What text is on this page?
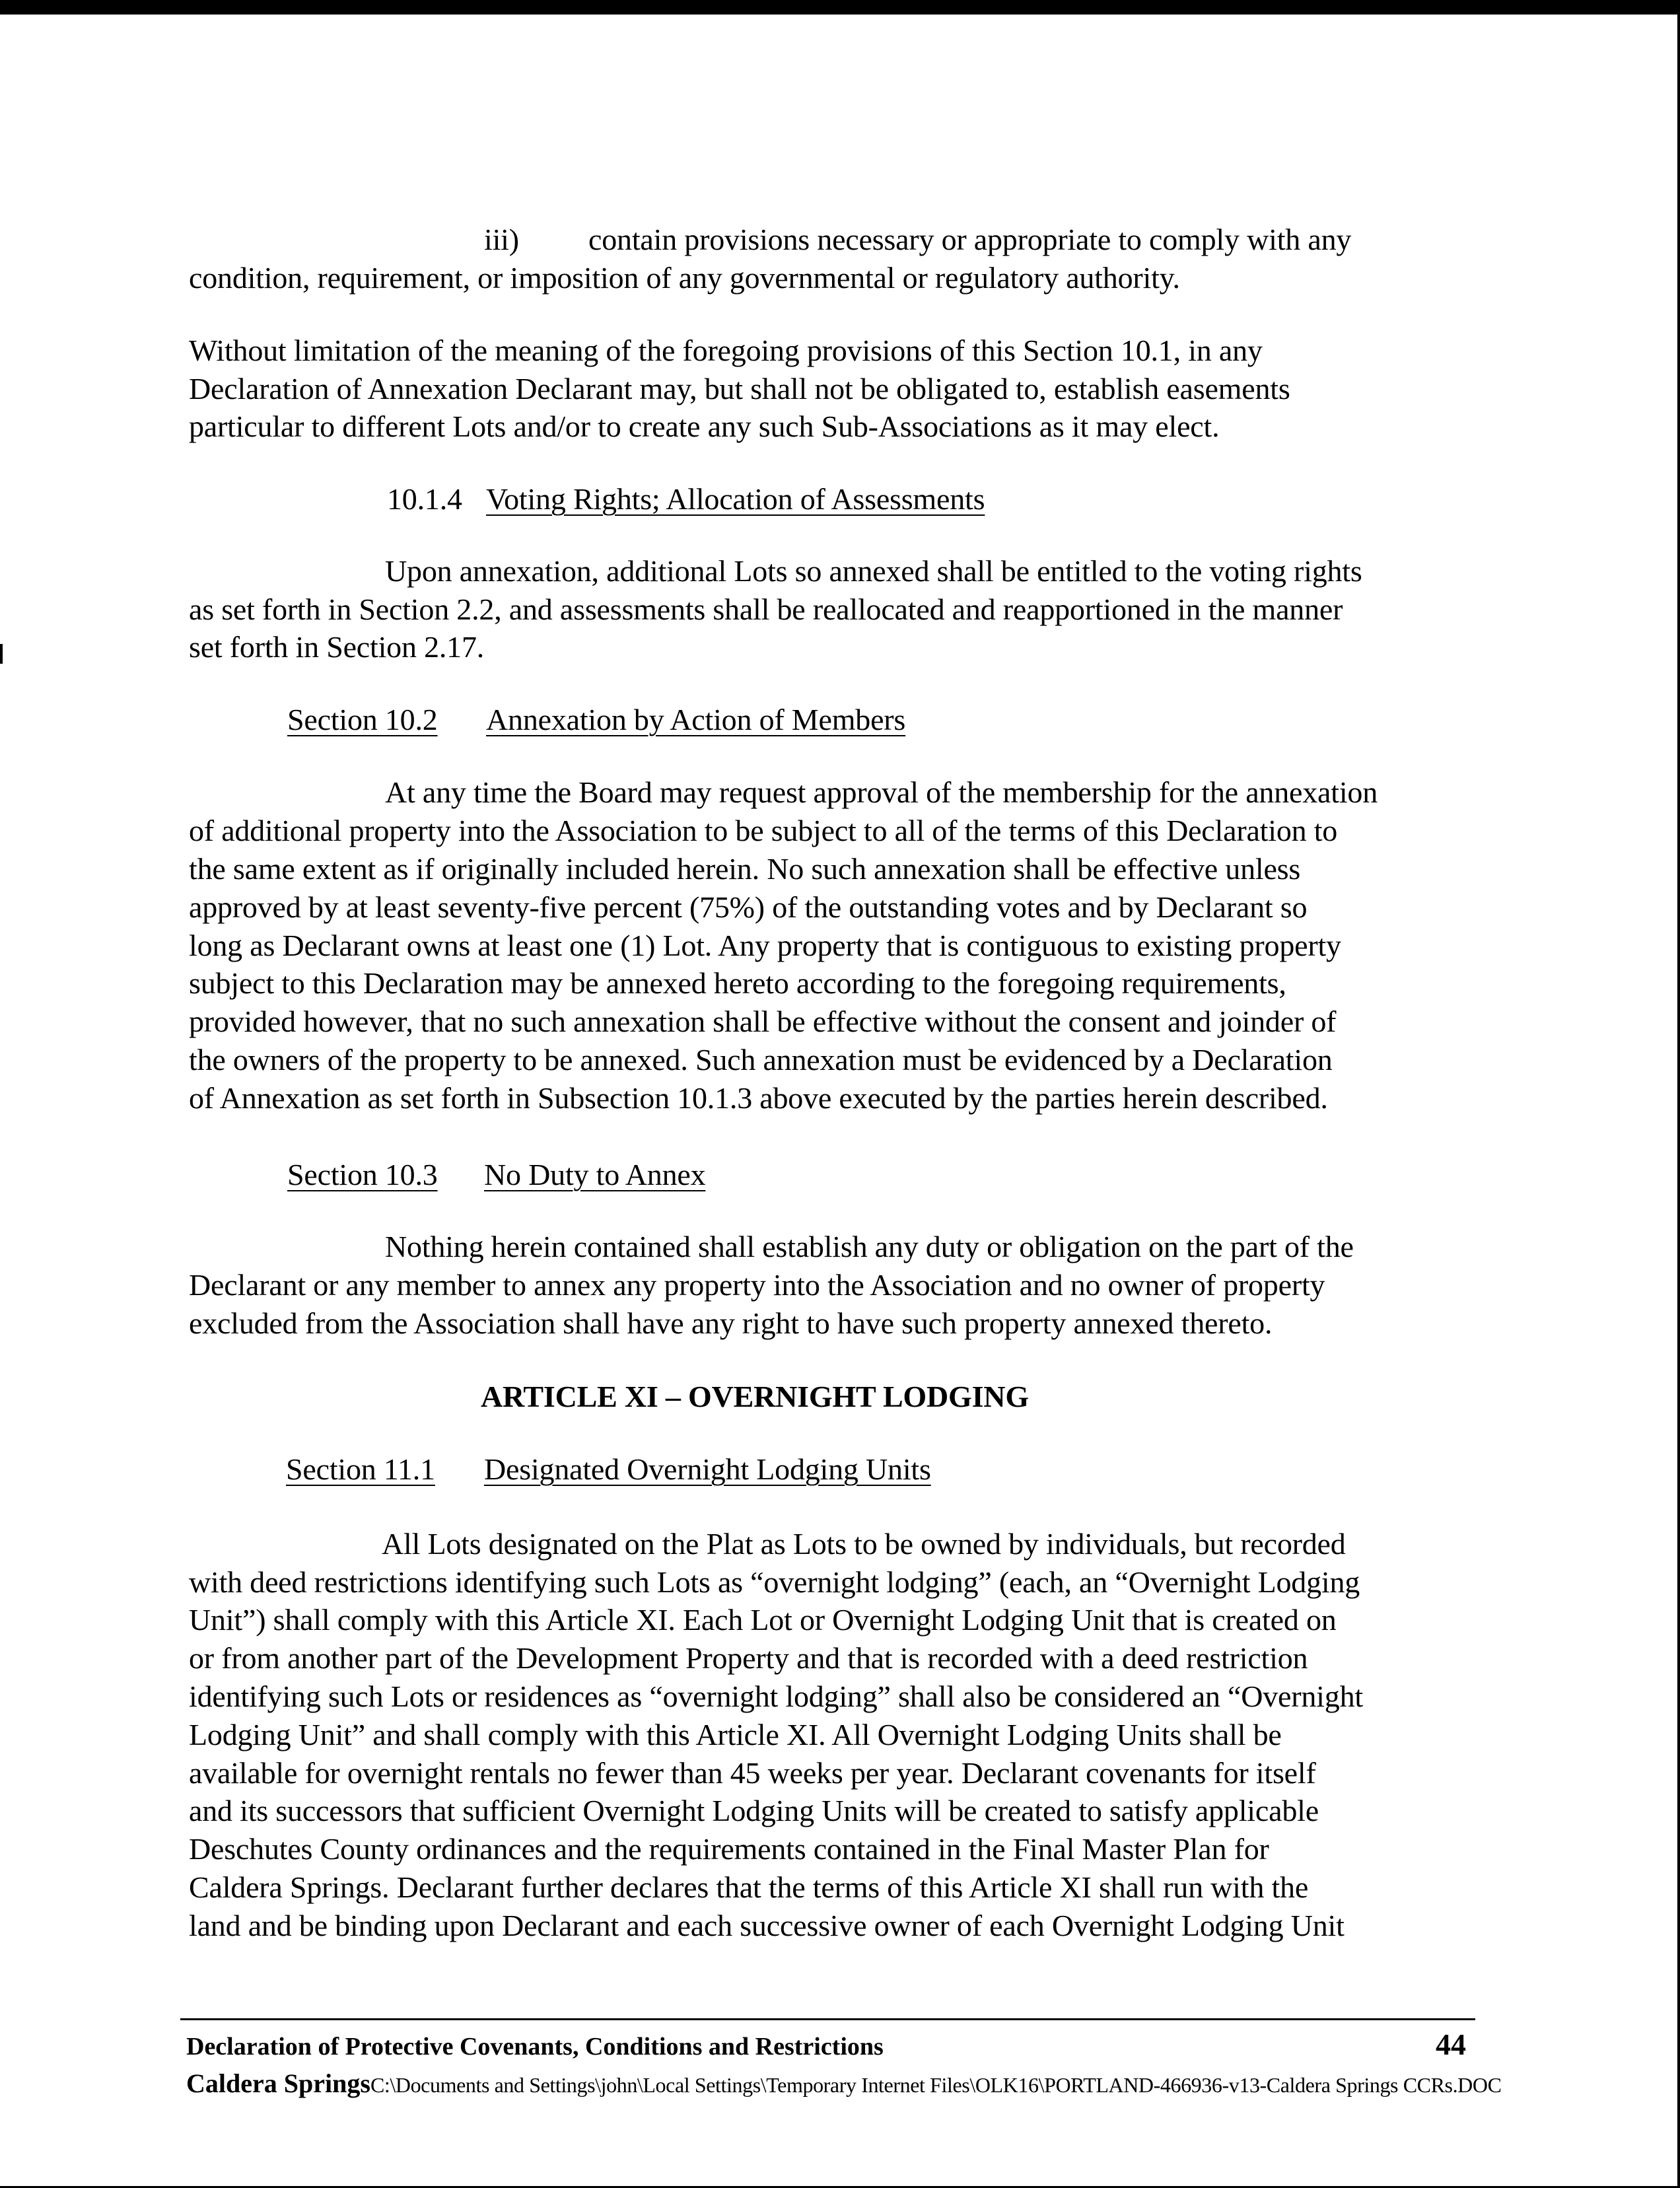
iii) contain provisions necessary or appropriate to comply with any
condition, requirement, or imposition of any governmental or regulatory authority.
Without limitation of the meaning of the foregoing provisions of this Section 10.1, in any
Declaration of Annexation Declarant may, but shall not be obligated to, establish easements
particular to different Lots and/or to create any such Sub-Associations as it may elect.
10.1.4 Voting Rights; Allocation of Assessments
Upon annexation, additional Lots so annexed shall be entitled to the voting rights
as set forth in Section 2.2, and assessments shall be reallocated and reapportioned in the manner
set forth in Section 2.17.
Section 10.2 Annexation by Action of Members
At any time the Board may request approval of the membership for the annexation
of additional property into the Association to be subject to all of the terms of this Declaration to
the same extent as if originally included herein. No such annexation shall be effective unless
approved by at least seventy-five percent (75%) of the outstanding votes and by Declarant so
long as Declarant owns at least one (1) Lot. Any property that is contiguous to existing property
subject to this Declaration may be annexed hereto according to the foregoing requirements,
provided however, that no such annexation shall be effective without the consent and joinder of
the owners of the property to be annexed. Such annexation must be evidenced by a Declaration
of Annexation as set forth in Subsection 10.1.3 above executed by the parties herein described.
Section 10.3 No Duty to Annex
Nothing herein contained shall establish any duty or obligation on the part of the
Declarant or any member to annex any property into the Association and no owner of property
excluded from the Association shall have any right to have such property annexed thereto.
ARTICLE XI – OVERNIGHT LODGING
Section 11.1 Designated Overnight Lodging Units
All Lots designated on the Plat as Lots to be owned by individuals, but recorded
with deed restrictions identifying such Lots as “overnight lodging” (each, an “Overnight Lodging
Unit”) shall comply with this Article XI. Each Lot or Overnight Lodging Unit that is created on
or from another part of the Development Property and that is recorded with a deed restriction
identifying such Lots or residences as “overnight lodging” shall also be considered an “Overnight
Lodging Unit” and shall comply with this Article XI. All Overnight Lodging Units shall be
available for overnight rentals no fewer than 45 weeks per year. Declarant covenants for itself
and its successors that sufficient Overnight Lodging Units will be created to satisfy applicable
Deschutes County ordinances and the requirements contained in the Final Master Plan for
Caldera Springs. Declarant further declares that the terms of this Article XI shall run with the
land and be binding upon Declarant and each successive owner of each Overnight Lodging Unit
Declaration of Protective Covenants, Conditions and Restrictions	44
Caldera SpringsC:\Documents and Settings\john\Local Settings\Temporary Internet Files\OLK16\PORTLAND-466936-v13-Caldera Springs CCRs.DOC
